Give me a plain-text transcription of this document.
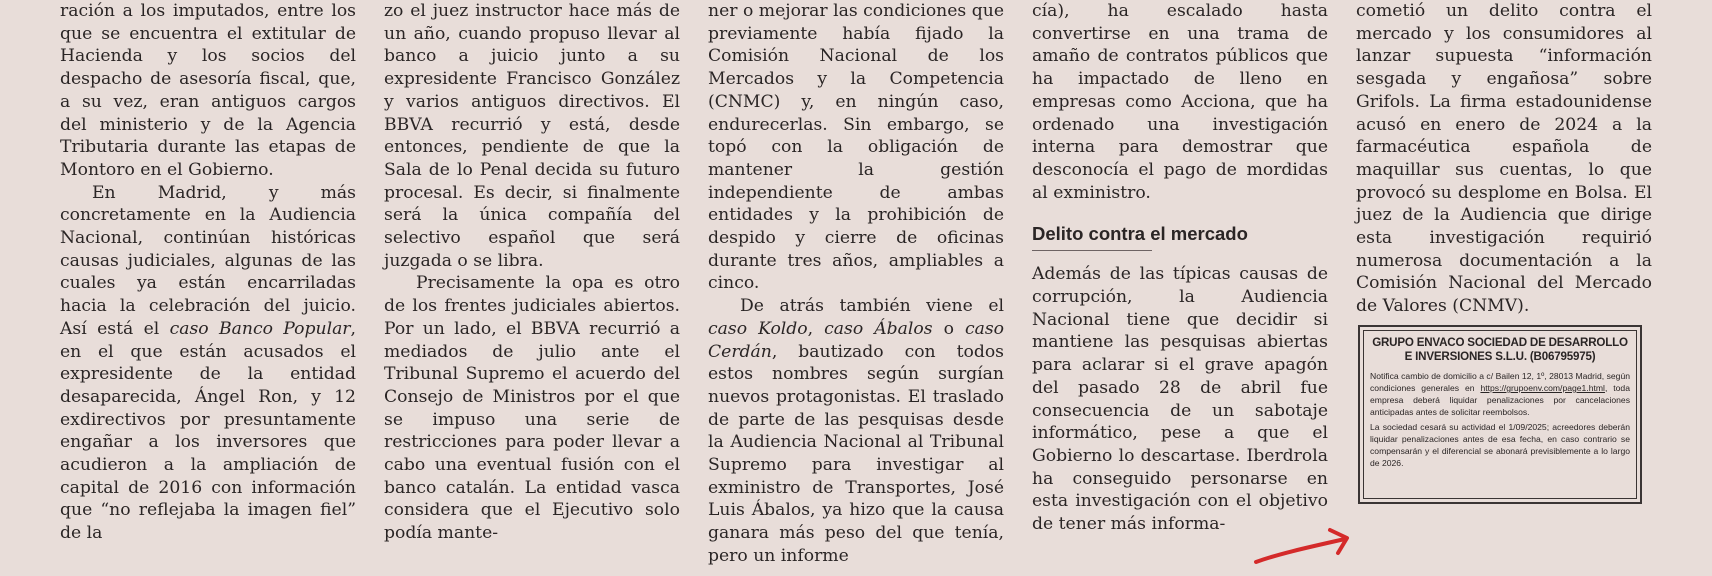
ración a los imputados, entre los que se encuentra el extitular de Hacienda y los socios del despacho de asesoría fiscal, que, a su vez, eran antiguos cargos del ministerio y de la Agencia Tributaria durante las etapas de Montoro en el Gobierno.

En Madrid, y más concretamente en la Audiencia Nacional, continúan históricas causas judiciales, algunas de las cuales ya están encarriladas hacia la celebración del juicio. Así está el caso Banco Popular, en el que están acusados el expresidente de la entidad desaparecida, Ángel Ron, y 12 exdirectivos por presuntamente engañar a los inversores que acudieron a la ampliación de capital de 2016 con información que “no reflejaba la imagen fiel” de la

zo el juez instructor hace más de un año, cuando propuso llevar al banco a juicio junto a su expresidente Francisco González y varios antiguos directivos. El BBVA recurrió y está, desde entonces, pendiente de que la Sala de lo Penal decida su futuro procesal. Es decir, si finalmente será la única compañía del selectivo español que será juzgada o se libra.

Precisamente la opa es otro de los frentes judiciales abiertos. Por un lado, el BBVA recurrió a mediados de julio ante el Tribunal Supremo el acuerdo del Consejo de Ministros por el que se impuso una serie de restricciones para poder llevar a cabo una eventual fusión con el banco catalán. La entidad vasca considera que el Ejecutivo solo podía mante-

ner o mejorar las condiciones que previamente había fijado la Comisión Nacional de los Mercados y la Competencia (CNMC) y, en ningún caso, endurecerlas. Sin embargo, se topó con la obligación de mantener la gestión independiente de ambas entidades y la prohibición de despido y cierre de oficinas durante tres años, ampliables a cinco.

De atrás también viene el caso Koldo, caso Ábalos o caso Cerdán, bautizado con todos estos nombres según surgían nuevos protagonistas. El traslado de parte de las pesquisas desde la Audiencia Nacional al Tribunal Supremo para investigar al exministro de Transportes, José Luis Ábalos, ya hizo que la causa ganara más peso del que tenía, pero un informe

cía), ha escalado hasta convertirse en una trama de amaño de contratos públicos que ha impactado de lleno en empresas como Acciona, que ha ordenado una investigación interna para demostrar que desconocía el pago de mordidas al exministro.

Delito contra el mercado

Además de las típicas causas de corrupción, la Audiencia Nacional tiene que decidir si mantiene las pesquisas abiertas para aclarar si el grave apagón del pasado 28 de abril fue consecuencia de un sabotaje informático, pese a que el Gobierno lo descartase. Iberdrola ha conseguido personarse en esta investigación con el objetivo de tener más informa-

cometió un delito contra el mercado y los consumidores al lanzar supuesta “información sesgada y engañosa” sobre Grifols. La firma estadounidense acusó en enero de 2024 a la farmacéutica española de maquillar sus cuentas, lo que provocó su desplome en Bolsa. El juez de la Audiencia que dirige esta investigación requirió numerosa documentación a la Comisión Nacional del Mercado de Valores (CNMV).

GRUPO ENVACO SOCIEDAD DE DESARROLLO E INVERSIONES S.L.U. (B06795975)

Notifica cambio de domicilio a c/ Bailen 12, 1º, 28013 Madrid, según condiciones generales en https://grupoenv.com/page1.html, toda empresa deberá liquidar penalizaciones por cancelaciones anticipadas antes de solicitar reembolsos.

La sociedad cesará su actividad el 1/09/2025; acreedores deberán liquidar penalizaciones antes de esa fecha, en caso contrario se compensarán y el diferencial se abonará previsiblemente a lo largo de 2026.
